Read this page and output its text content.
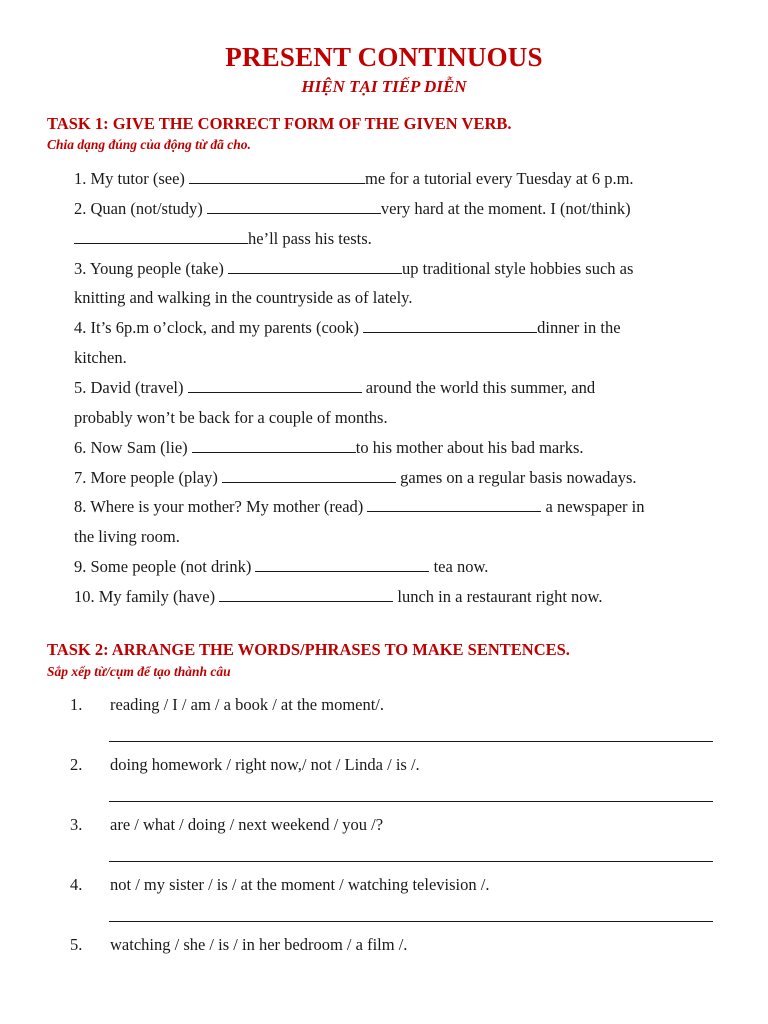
PRESENT CONTINUOUS
HIỆN TẠI TIẾP DIỄN
TASK 1: GIVE THE CORRECT FORM OF THE GIVEN VERB.
Chia dạng đúng của động từ đã cho.
1. My tutor (see)	me for a tutorial every Tuesday at 6 p.m.
2. Quan (not/study)	very hard at the moment. I (not/think)
he’ll pass his tests.
3. Young people (take)	up traditional style hobbies such as
knitting and walking in the countryside as of lately.
4. It’s 6p.m o’clock, and my parents (cook)	dinner in the
kitchen.
5. David (travel)	around the world this summer, and
probably won’t be back for a couple of months.
6. Now Sam (lie)	to his mother about his bad marks.
7. More people (play)	games on a regular basis nowadays.
8. Where is your mother? My mother (read)	a newspaper in
the living room.
9. Some people (not drink)	tea now.
10. My family (have)	lunch in a restaurant right now.
TASK 2: ARRANGE THE WORDS/PHRASES TO MAKE SENTENCES.
Sắp xếp từ/cụm để tạo thành câu
1. reading / I / am / a book / at the moment/.
2. doing homework / right now,/ not / Linda / is /.
3. are / what / doing / next weekend / you /?
4. not / my sister / is / at the moment / watching television /.
5. watching / she / is / in her bedroom / a film /.
